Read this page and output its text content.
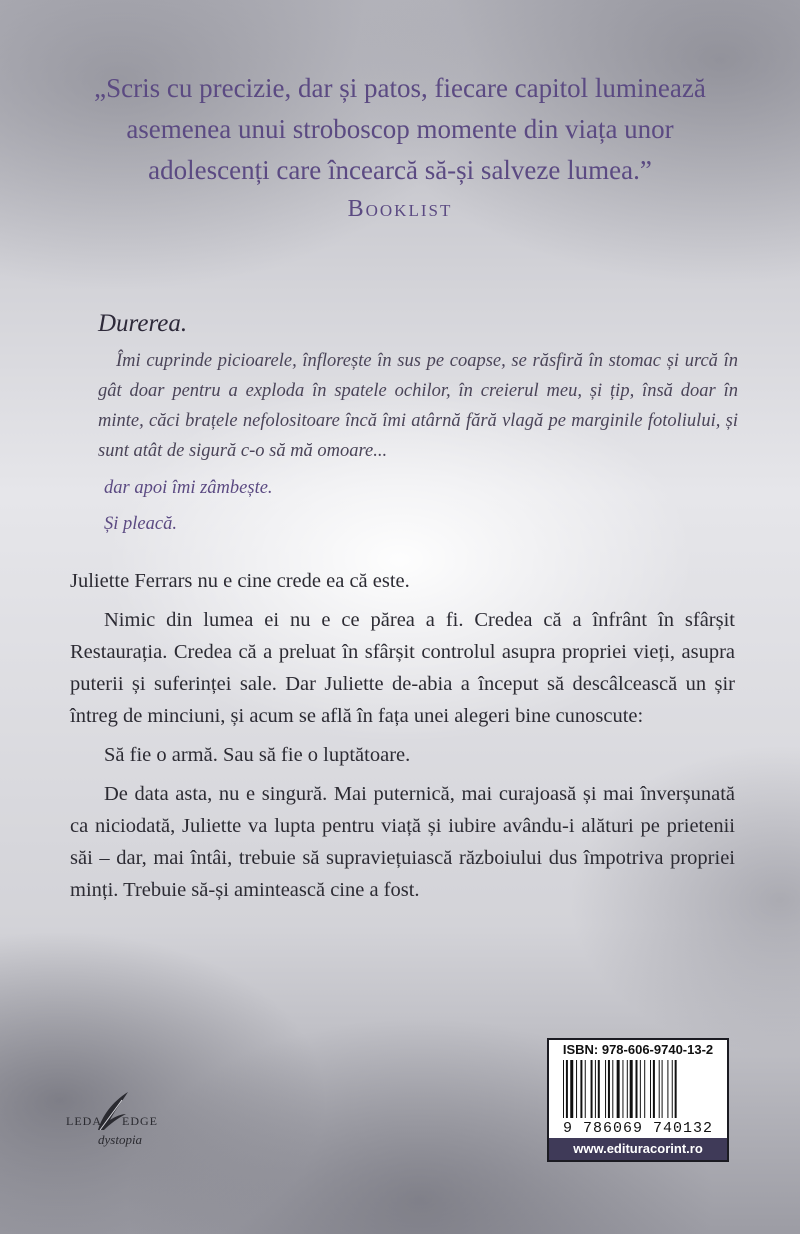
„Scris cu precizie, dar și patos, fiecare capitol luminează
asemenea unui stroboscop momente din viața unor
adolescenți care încearcă să-și salveze lumea.”
Booklist
Durerea.

Îmi cuprinde picioarele, înflorește în sus pe coapse, se răsfiră în stomac și urcă în gât doar pentru a exploda în spatele ochilor, în creierul meu, și țip, însă doar în minte, căci brațele nefolositoare încă îmi atârnă fără vlagă pe marginile fotoliului, și sunt atât de sigură c-o să mă omoare...

dar apoi îmi zâmbește.
Și pleacă.

Juliette Ferrars nu e cine crede ea că este.

Nimic din lumea ei nu e ce părea a fi. Credea că a înfrânt în sfârșit Restaurația. Credea că a preluat în sfârșit controlul asupra propriei vieți, asupra puterii și suferinței sale. Dar Juliette de-abia a început să descâlcească un șir întreg de minciuni, și acum se află în fața unei alegeri bine cunoscute:

Să fie o armă. Sau să fie o luptătoare.

De data asta, nu e singură. Mai puternică, mai curajoasă și mai înverșunată ca niciodată, Juliette va lupta pentru viață și iubire avându-i alături pe prietenii săi – dar, mai întâi, trebuie să supraviețuiască războiului dus împotriva propriei minți. Trebuie să-și amintească cine a fost.

LEDA EDGE
dystopia
ISBN: 978-606-9740-13-2
9 786069 740132
www.edituracorint.ro
